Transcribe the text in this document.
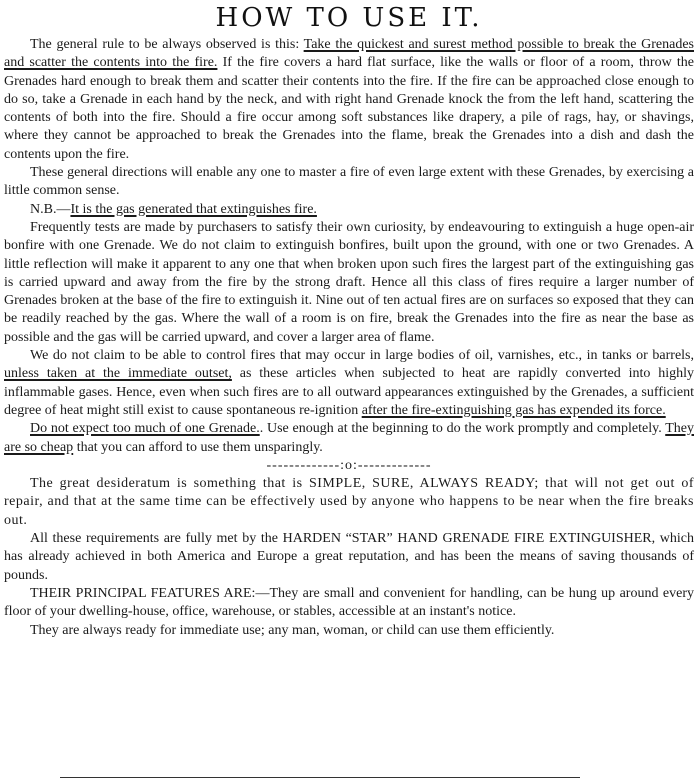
HOW TO USE IT.

The general rule to be always observed is this: Take the quickest and surest method possible to break the Grenades and scatter the contents into the fire. If the fire covers a hard flat surface, like the walls or floor of a room, throw the Grenades hard enough to break them and scatter their contents into the fire. If the fire can be approached close enough to do so, take a Grenade in each hand by the neck, and with right hand Grenade knock the from the left hand, scattering the contents of both into the fire. Should a fire occur among soft substances like drapery, a pile of rags, hay, or shavings, where they cannot be approached to break the Grenades into the flame, break the Grenades into a dish and dash the contents upon the fire.

These general directions will enable any one to master a fire of even large extent with these Grenades, by exercising a little common sense.

N.B.—It is the gas generated that extinguishes fire.

Frequently tests are made by purchasers to satisfy their own curiosity, by endeavouring to extinguish a huge open-air bonfire with one Grenade. We do not claim to extinguish bonfires, built upon the ground, with one or two Grenades. A little reflection will make it apparent to any one that when broken upon such fires the largest part of the extinguishing gas is carried upward and away from the fire by the strong draft. Hence all this class of fires require a larger number of Grenades broken at the base of the fire to extinguish it. Nine out of ten actual fires are on surfaces so exposed that they can be readily reached by the gas. Where the wall of a room is on fire, break the Grenades into the fire as near the base as possible and the gas will be carried upward, and cover a larger area of flame.

We do not claim to be able to control fires that may occur in large bodies of oil, varnishes, etc., in tanks or barrels, unless taken at the immediate outset, as these articles when subjected to heat are rapidly converted into highly inflammable gases. Hence, even when such fires are to all outward appearances extinguished by the Grenades, a sufficient degree of heat might still exist to cause spontaneous re-ignition after the fire-extinguishing gas has expended its force.

Do not expect too much of one Grenade.. Use enough at the beginning to do the work promptly and completely. They are so cheap that you can afford to use them unsparingly.

-------------:o:-------------

The great desideratum is something that is SIMPLE, SURE, ALWAYS READY; that will not get out of repair, and that at the same time can be effectively used by anyone who happens to be near when the fire breaks out.

All these requirements are fully met by the HARDEN “STAR” HAND GRENADE FIRE EXTINGUISHER, which has already achieved in both America and Europe a great reputation, and has been the means of saving thousands of pounds.

THEIR PRINCIPAL FEATURES ARE:—They are small and convenient for handling, can be hung up around every floor of your dwelling-house, office, warehouse, or stables, accessible at an instant's notice.

They are always ready for immediate use; any man, woman, or child can use them efficiently.
